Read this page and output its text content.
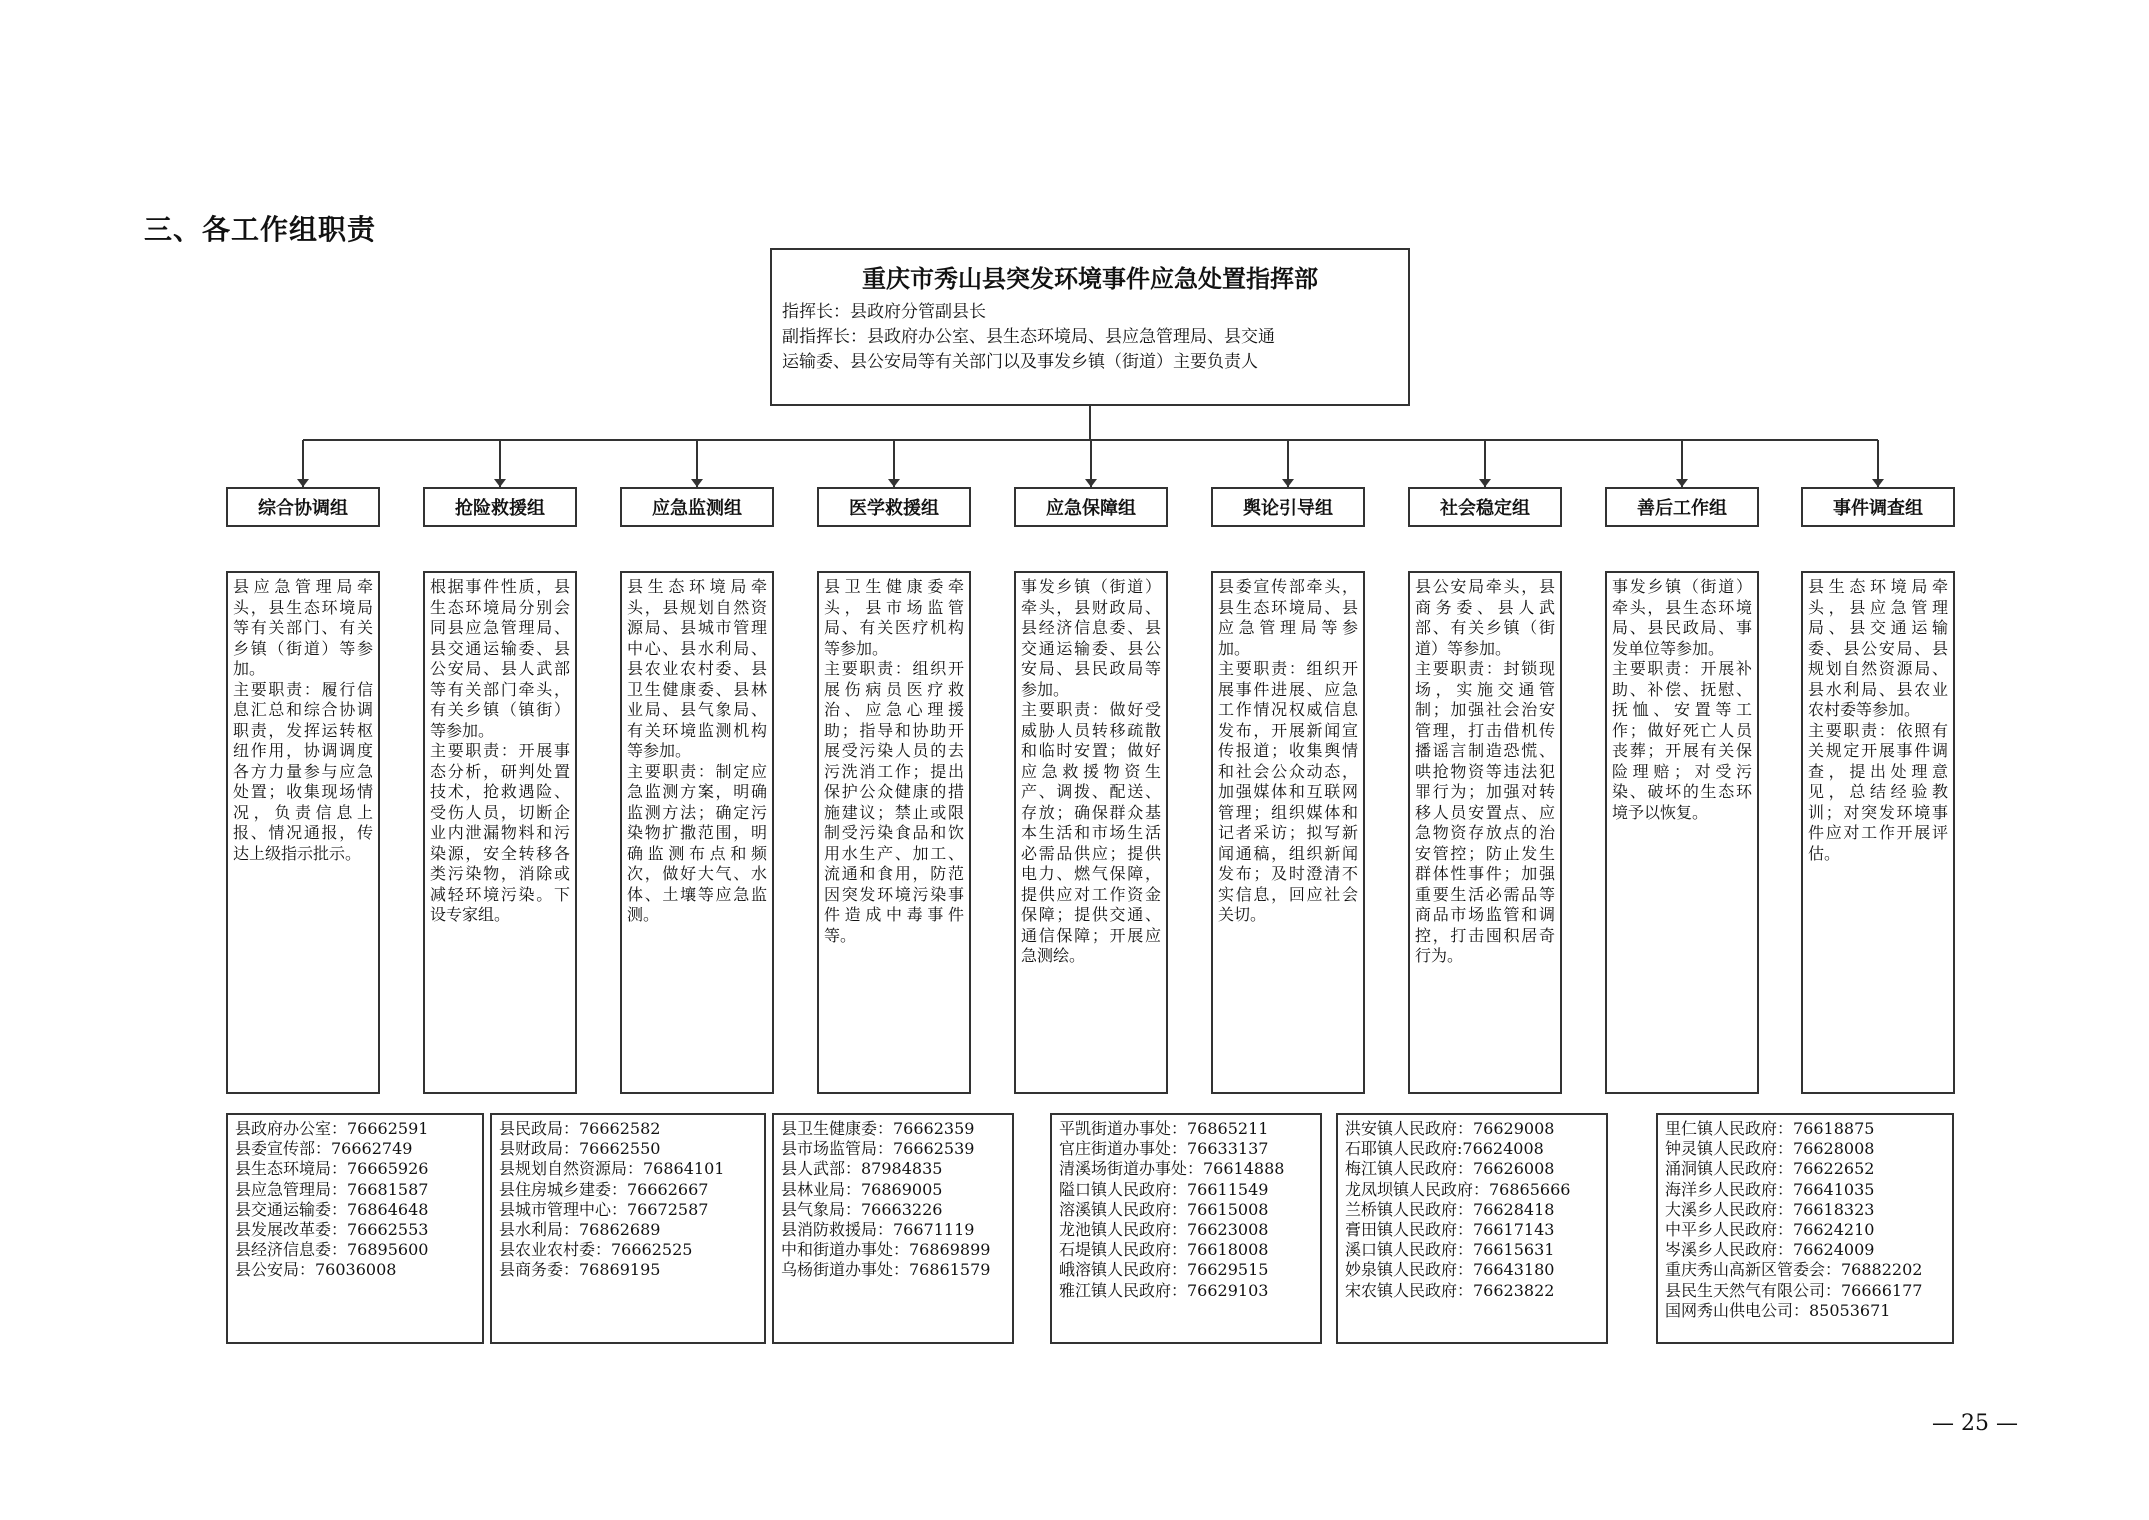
三、各工作组职责
重庆市秀山县突发环境事件应急处置指挥部
指挥长：县政府分管副县长
副指挥长：县政府办公室、县生态环境局、县应急管理局、县交通
运输委、县公安局等有关部门以及事发乡镇（街道）主要负责人
综合协调组	抢险救援组	应急监测组	医学救援组	应急保障组	舆论引导组	社会稳定组	善后工作组	事件调查组
县应急管理局牵头，县生态环境局等有关部门、有关乡镇（街道）等参加。
主要职责：履行信息汇总和综合协调职责，发挥运转枢纽作用，协调调度各方力量参与应急处置；收集现场情况，负责信息上报、情况通报，传达上级指示批示。
根据事件性质，县生态环境局分别会同县应急管理局、县交通运输委、县公安局、县人武部等有关部门牵头，有关乡镇（镇街）等参加。
主要职责：开展事态分析，研判处置技术，抢救遇险、受伤人员，切断企业内泄漏物料和污染源，安全转移各类污染物，消除或减轻环境污染。下设专家组。
县生态环境局牵头，县规划自然资源局、县城市管理中心、县水利局、县农业农村委、县卫生健康委、县林业局、县气象局、有关环境监测机构等参加。
主要职责：制定应急监测方案，明确监测方法；确定污染物扩撒范围，明确监测布点和频次，做好大气、水体、土壤等应急监测。
县卫生健康委牵头，县市场监管局、有关医疗机构等参加。
主要职责：组织开展伤病员医疗救治、应急心理援助；指导和协助开展受污染人员的去污洗消工作；提出保护公众健康的措施建议；禁止或限制受污染食品和饮用水生产、加工、流通和食用，防范因突发环境污染事件造成中毒事件等。
事发乡镇（街道）牵头，县财政局、县经济信息委、县交通运输委、县公安局、县民政局等参加。
主要职责：做好受威胁人员转移疏散和临时安置；做好应急救援物资生产、调拨、配送、存放；确保群众基本生活和市场生活必需品供应；提供电力、燃气保障，提供应对工作资金保障；提供交通、通信保障；开展应急测绘。
县委宣传部牵头，县生态环境局、县应急管理局等参加。
主要职责：组织开展事件进展、应急工作情况权威信息发布，开展新闻宣传报道；收集舆情和社会公众动态，加强媒体和互联网管理；组织媒体和记者采访；拟写新闻通稿，组织新闻发布；及时澄清不实信息，回应社会关切。
县公安局牵头，县商务委、县人武部、有关乡镇（街道）等参加。
主要职责：封锁现场，实施交通管制；加强社会治安管理，打击借机传播谣言制造恐慌、哄抢物资等违法犯罪行为；加强对转移人员安置点、应急物资存放点的治安管控；防止发生群体性事件；加强重要生活必需品等商品市场监管和调控，打击囤积居奇行为。
事发乡镇（街道）牵头，县生态环境局、县民政局、事发单位等参加。
主要职责：开展补助、补偿、抚慰、抚恤、安置等工作；做好死亡人员丧葬；开展有关保险理赔；对受污染、破坏的生态环境予以恢复。
县生态环境局牵头，县应急管理局、县交通运输委、县公安局、县规划自然资源局、县水利局、县农业农村委等参加。
主要职责：依照有关规定开展事件调查，提出处理意见，总结经验教训；对突发环境事件应对工作开展评估。
县政府办公室：76662591
县委宣传部：76662749
县生态环境局：76665926
县应急管理局：76681587
县交通运输委：76864648
县发展改革委：76662553
县经济信息委：76895600
县公安局：76036008
县民政局：76662582
县财政局：76662550
县规划自然资源局：76864101
县住房城乡建委：76662667
县城市管理中心：76672587
县水利局：76862689
县农业农村委：76662525
县商务委：76869195
县卫生健康委：76662359
县市场监管局：76662539
县人武部：87984835
县林业局：76869005
县气象局：76663226
县消防救援局：76671119
中和街道办事处：76869899
乌杨街道办事处：76861579
平凯街道办事处：76865211
官庄街道办事处：76633137
清溪场街道办事处：76614888
隘口镇人民政府：76611549
溶溪镇人民政府：76615008
龙池镇人民政府：76623008
石堤镇人民政府：76618008
峨溶镇人民政府：76629515
雅江镇人民政府：76629103
洪安镇人民政府：76629008
石耶镇人民政府:76624008
梅江镇人民政府：76626008
龙凤坝镇人民政府：76865666
兰桥镇人民政府：76628418
膏田镇人民政府：76617143
溪口镇人民政府：76615631
妙泉镇人民政府：76643180
宋农镇人民政府：76623822
里仁镇人民政府：76618875
钟灵镇人民政府：76628008
涌洞镇人民政府：76622652
海洋乡人民政府：76641035
大溪乡人民政府：76618323
中平乡人民政府：76624210
岑溪乡人民政府：76624009
重庆秀山高新区管委会：76882202
县民生天然气有限公司：76666177
国网秀山供电公司：85053671
— 25 —
